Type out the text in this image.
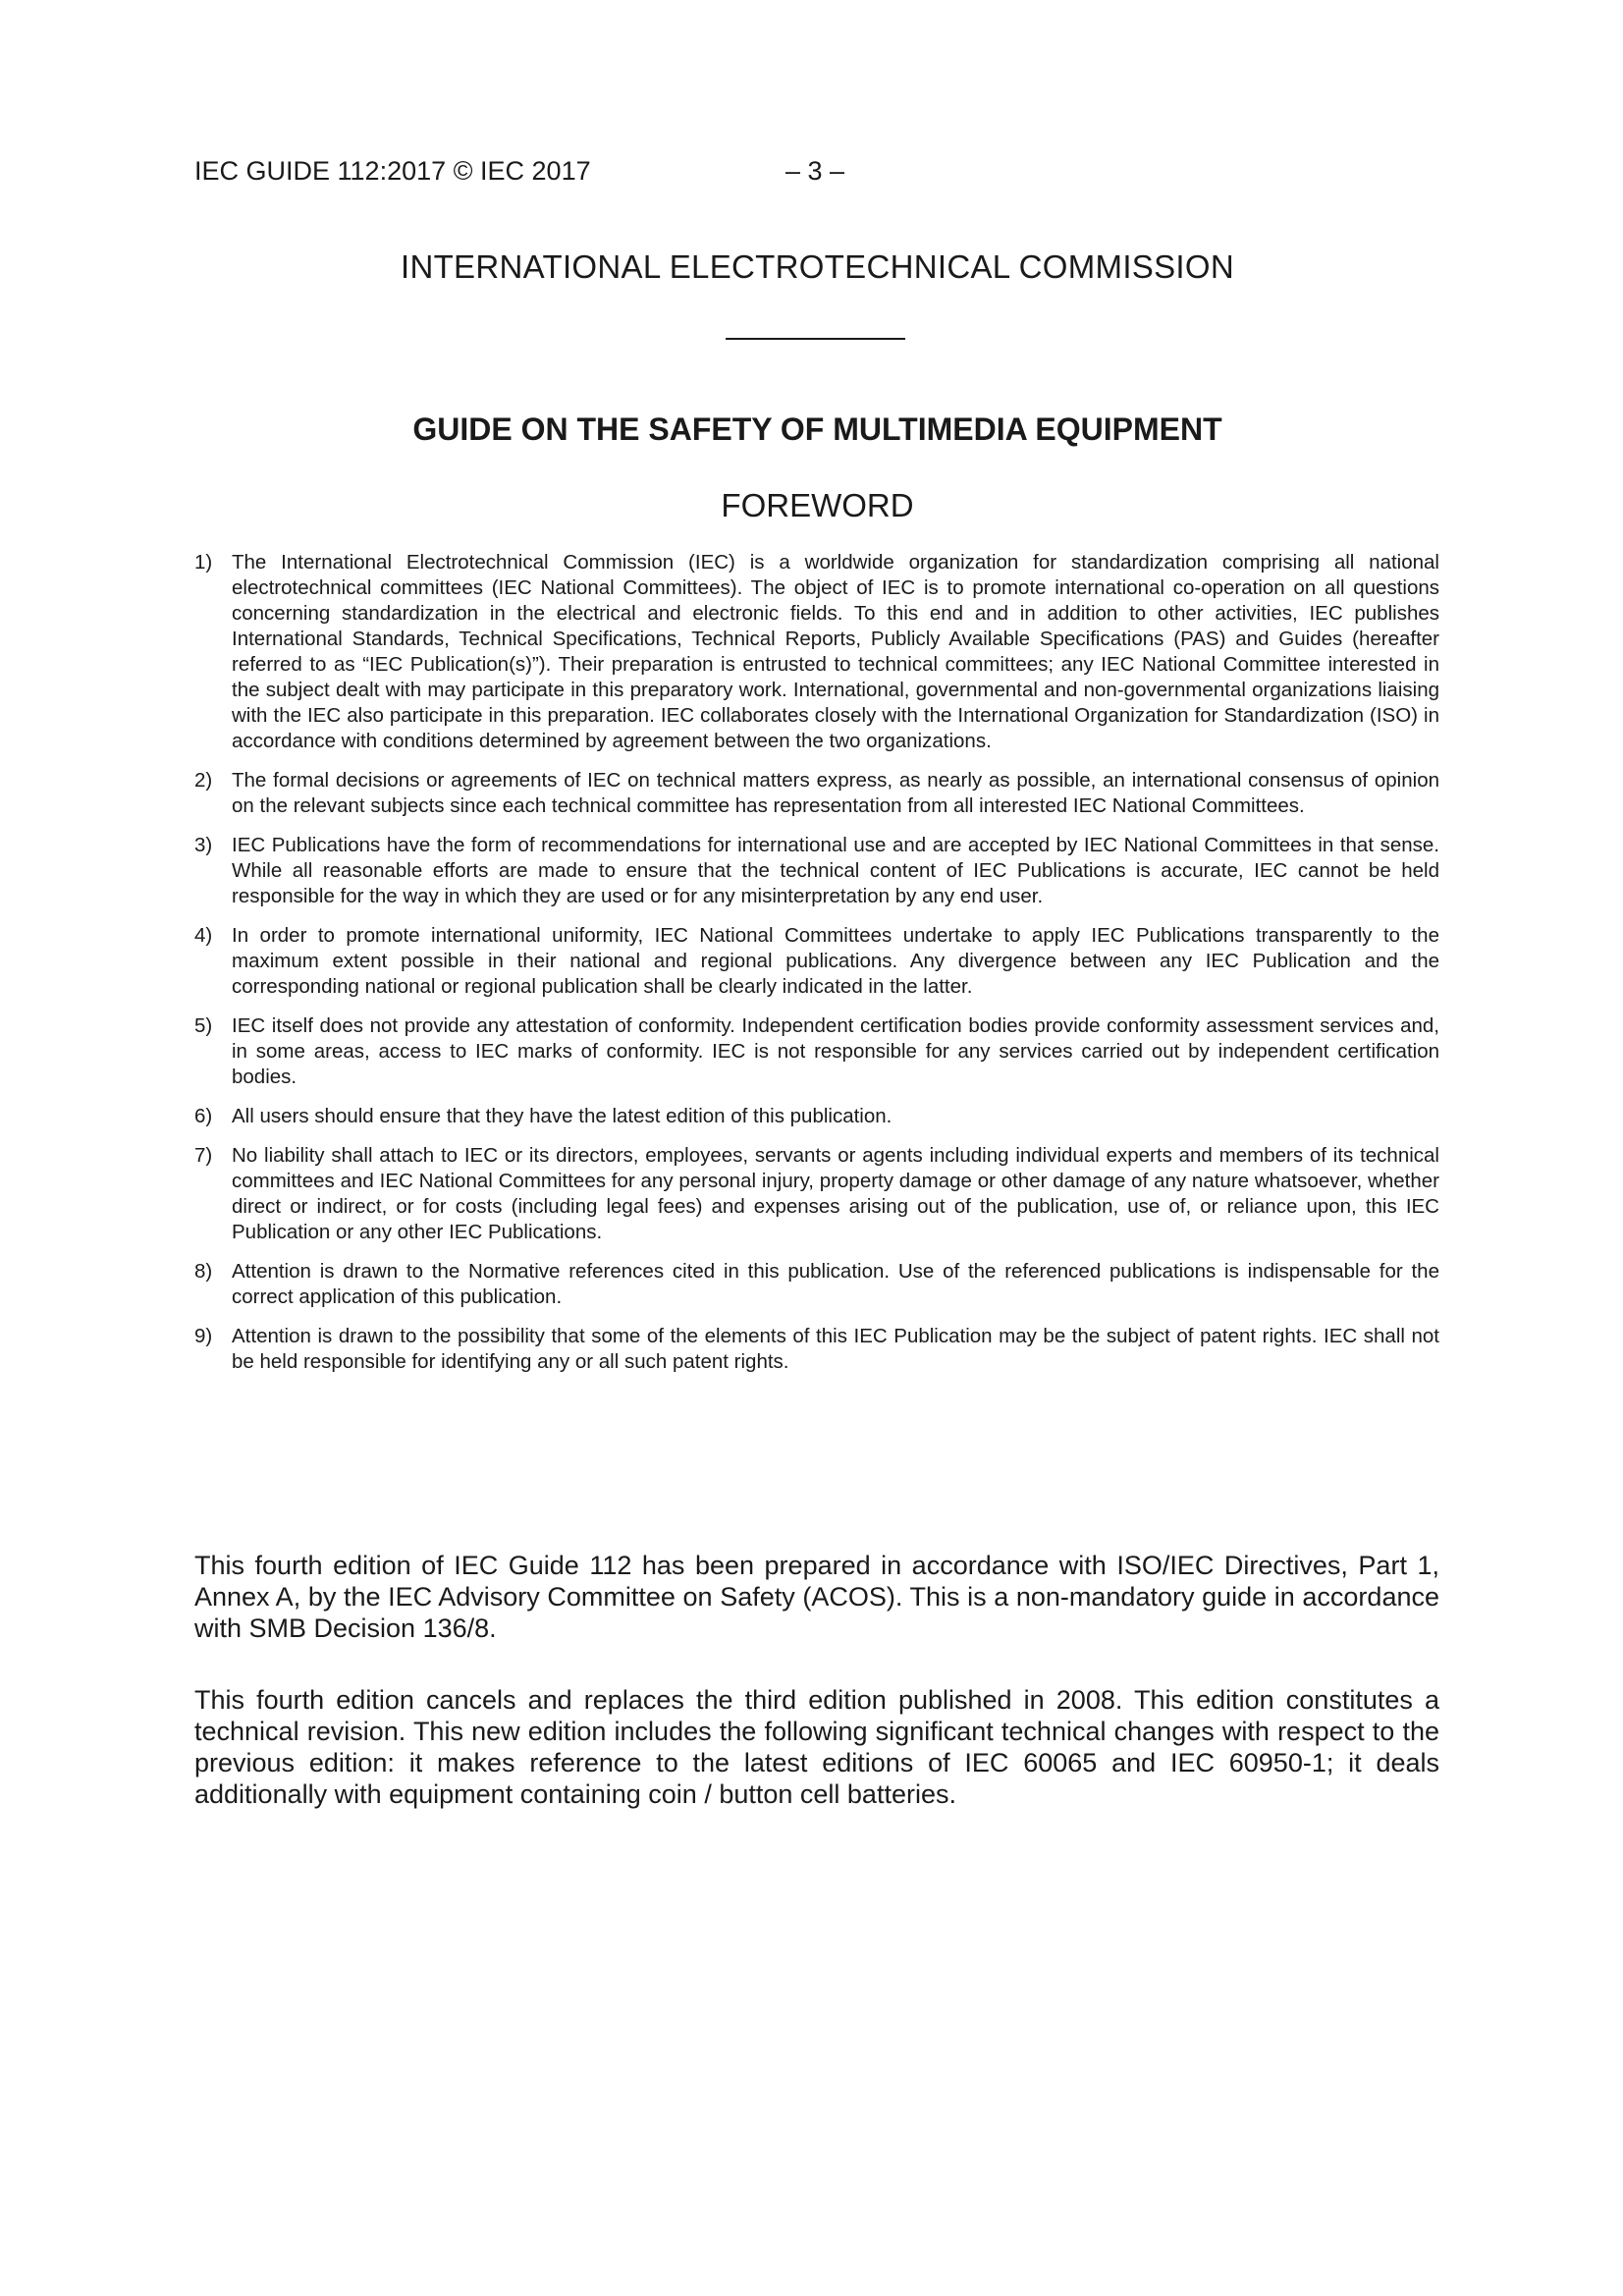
IEC GUIDE 112:2017 © IEC 2017	– 3 –
INTERNATIONAL ELECTROTECHNICAL COMMISSION
GUIDE ON THE SAFETY OF MULTIMEDIA EQUIPMENT
FOREWORD
1) The International Electrotechnical Commission (IEC) is a worldwide organization for standardization comprising all national electrotechnical committees (IEC National Committees). The object of IEC is to promote international co-operation on all questions concerning standardization in the electrical and electronic fields. To this end and in addition to other activities, IEC publishes International Standards, Technical Specifications, Technical Reports, Publicly Available Specifications (PAS) and Guides (hereafter referred to as “IEC Publication(s)”). Their preparation is entrusted to technical committees; any IEC National Committee interested in the subject dealt with may participate in this preparatory work. International, governmental and non-governmental organizations liaising with the IEC also participate in this preparation. IEC collaborates closely with the International Organization for Standardization (ISO) in accordance with conditions determined by agreement between the two organizations.
2) The formal decisions or agreements of IEC on technical matters express, as nearly as possible, an international consensus of opinion on the relevant subjects since each technical committee has representation from all interested IEC National Committees.
3) IEC Publications have the form of recommendations for international use and are accepted by IEC National Committees in that sense. While all reasonable efforts are made to ensure that the technical content of IEC Publications is accurate, IEC cannot be held responsible for the way in which they are used or for any misinterpretation by any end user.
4) In order to promote international uniformity, IEC National Committees undertake to apply IEC Publications transparently to the maximum extent possible in their national and regional publications. Any divergence between any IEC Publication and the corresponding national or regional publication shall be clearly indicated in the latter.
5) IEC itself does not provide any attestation of conformity. Independent certification bodies provide conformity assessment services and, in some areas, access to IEC marks of conformity. IEC is not responsible for any services carried out by independent certification bodies.
6) All users should ensure that they have the latest edition of this publication.
7) No liability shall attach to IEC or its directors, employees, servants or agents including individual experts and members of its technical committees and IEC National Committees for any personal injury, property damage or other damage of any nature whatsoever, whether direct or indirect, or for costs (including legal fees) and expenses arising out of the publication, use of, or reliance upon, this IEC Publication or any other IEC Publications.
8) Attention is drawn to the Normative references cited in this publication. Use of the referenced publications is indispensable for the correct application of this publication.
9) Attention is drawn to the possibility that some of the elements of this IEC Publication may be the subject of patent rights. IEC shall not be held responsible for identifying any or all such patent rights.

This fourth edition of IEC Guide 112 has been prepared in accordance with ISO/IEC Directives, Part 1, Annex A, by the IEC Advisory Committee on Safety (ACOS). This is a non-mandatory guide in accordance with SMB Decision 136/8.

This fourth edition cancels and replaces the third edition published in 2008. This edition constitutes a technical revision. This new edition includes the following significant technical changes with respect to the previous edition: it makes reference to the latest editions of IEC 60065 and IEC 60950-1; it deals additionally with equipment containing coin / button cell batteries.
